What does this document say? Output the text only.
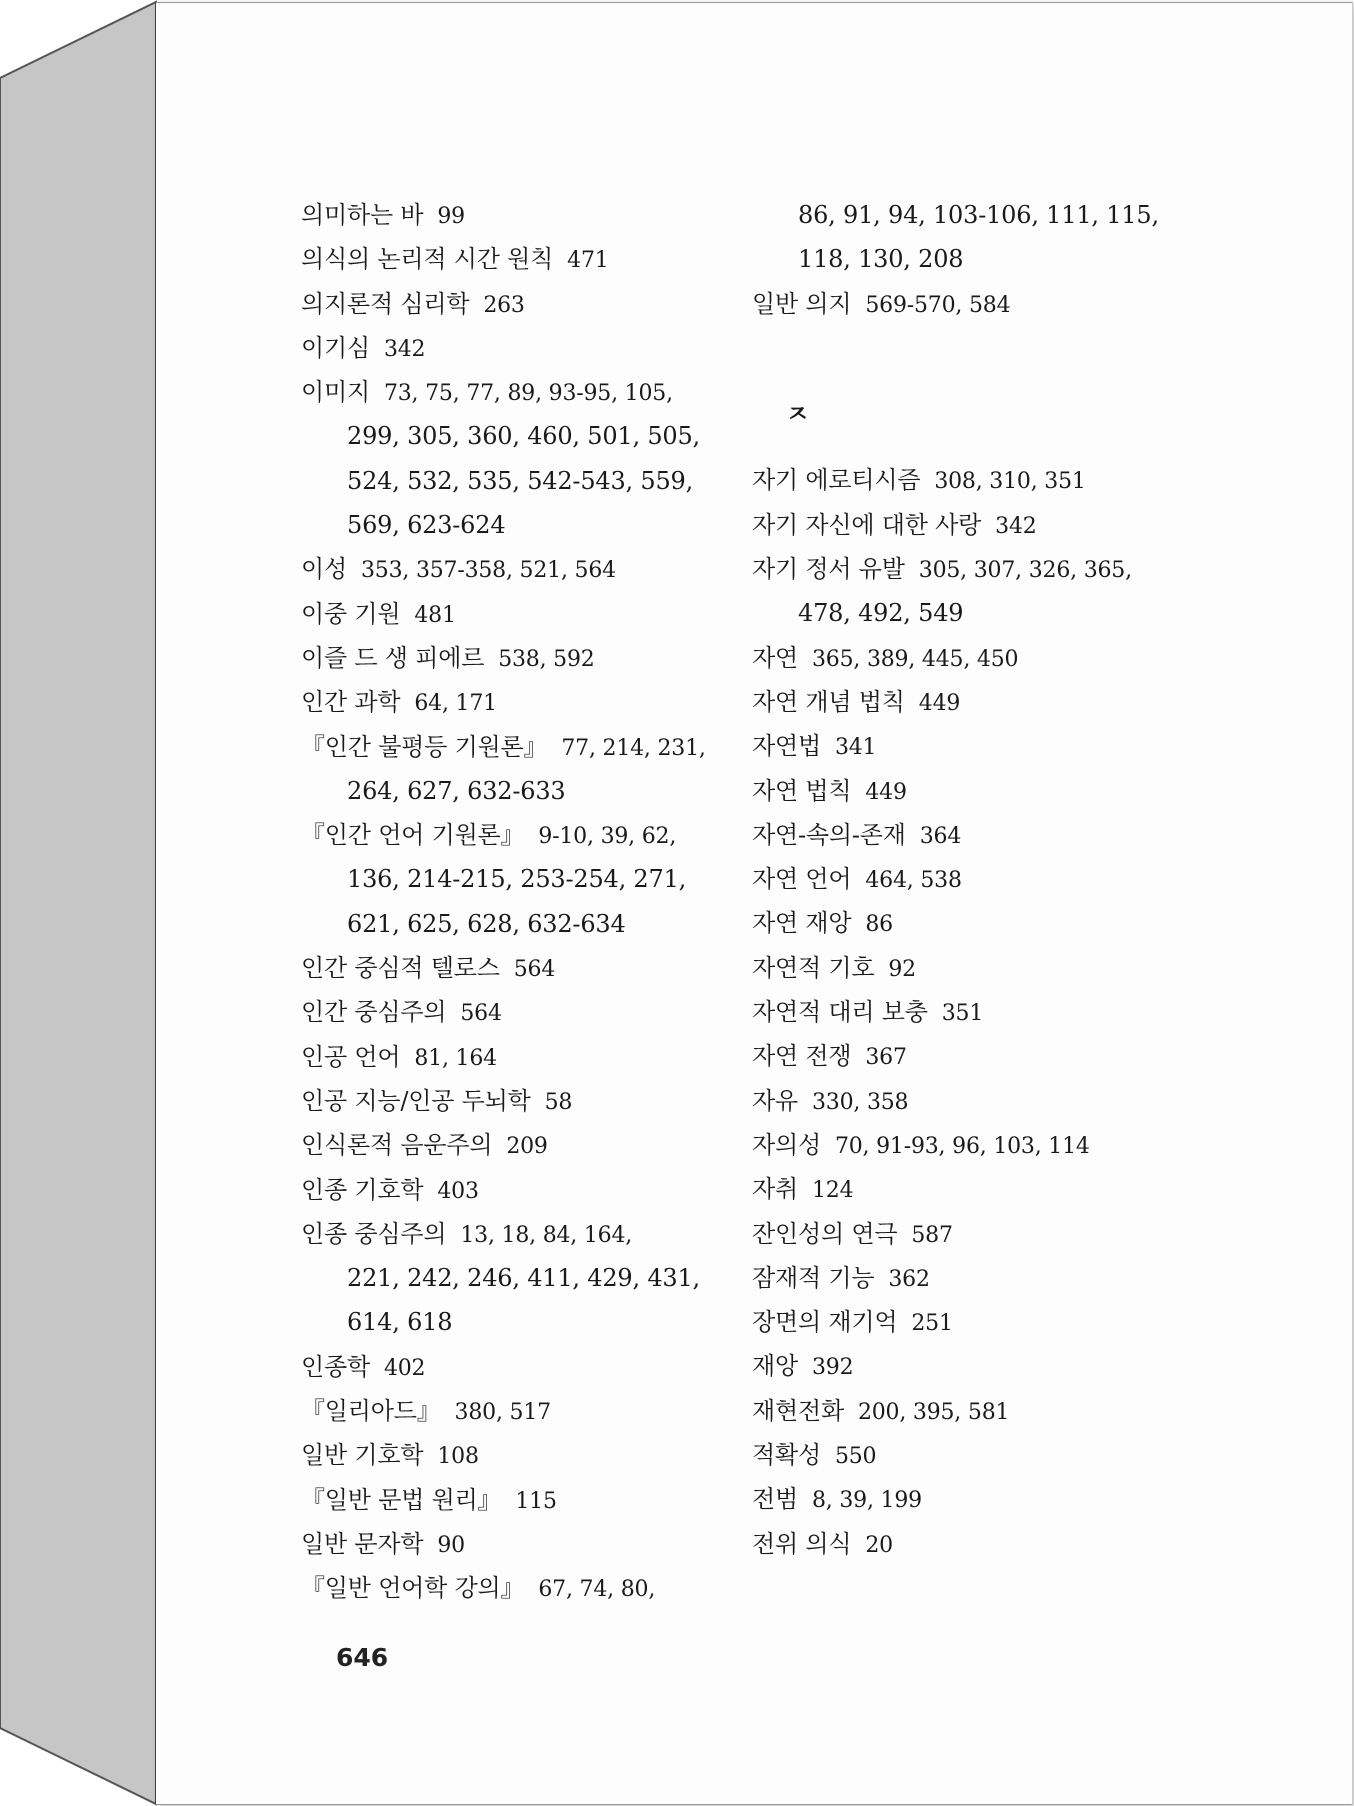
의미하는 바 99
의식의 논리적 시간 원칙 471
의지론적 심리학 263
이기심 342
이미지 73, 75, 77, 89, 93-95, 105,
299, 305, 360, 460, 501, 505,
524, 532, 535, 542-543, 559,
569, 623-624
이성 353, 357-358, 521, 564
이중 기원 481
이즐 드 생 피에르 538, 592
인간 과학 64, 171
『인간 불평등 기원론』 77, 214, 231,
264, 627, 632-633
『인간 언어 기원론』 9-10, 39, 62,
136, 214-215, 253-254, 271,
621, 625, 628, 632-634
인간 중심적 텔로스 564
인간 중심주의 564
인공 언어 81, 164
인공 지능/인공 두뇌학 58
인식론적 음운주의 209
인종 기호학 403
인종 중심주의 13, 18, 84, 164,
221, 242, 246, 411, 429, 431,
614, 618
인종학 402
『일리아드』 380, 517
일반 기호학 108
『일반 문법 원리』 115
일반 문자학 90
『일반 언어학 강의』 67, 74, 80,
86, 91, 94, 103-106, 111, 115,
118, 130, 208
일반 의지 569-570, 584
ㅈ
자기 에로티시즘 308, 310, 351
자기 자신에 대한 사랑 342
자기 정서 유발 305, 307, 326, 365,
478, 492, 549
자연 365, 389, 445, 450
자연 개념 법칙 449
자연법 341
자연 법칙 449
자연-속의-존재 364
자연 언어 464, 538
자연 재앙 86
자연적 기호 92
자연적 대리 보충 351
자연 전쟁 367
자유 330, 358
자의성 70, 91-93, 96, 103, 114
자취 124
잔인성의 연극 587
잠재적 기능 362
장면의 재기억 251
재앙 392
재현전화 200, 395, 581
적확성 550
전범 8, 39, 199
전위 의식 20
646
